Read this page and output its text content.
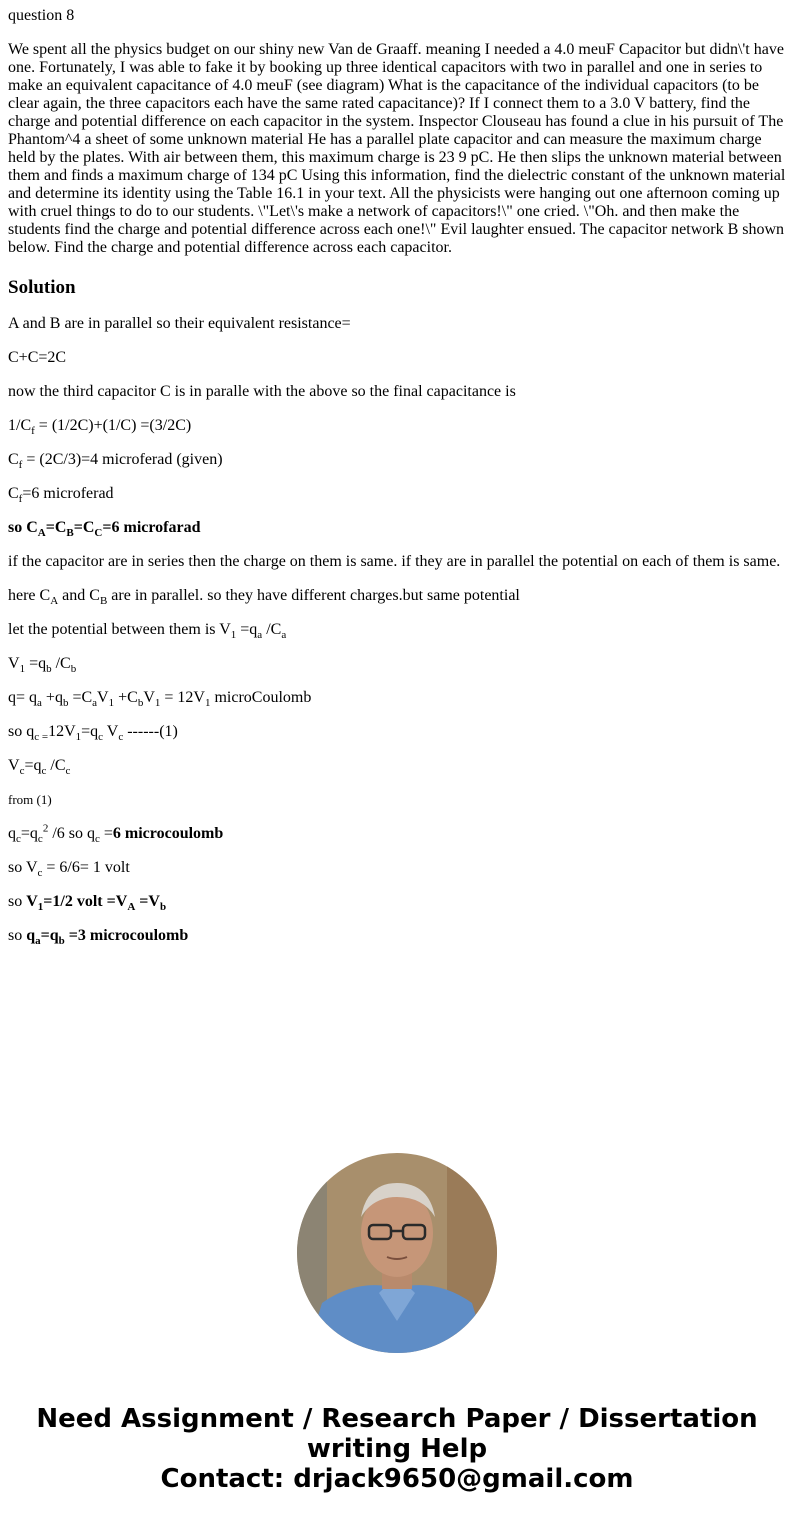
question 8
We spent all the physics budget on our shiny new Van de Graaff. meaning I needed a 4.0 meuF Capacitor but didn\'t have one. Fortunately, I was able to fake it by booking up three identical capacitors with two in parallel and one in series to make an equivalent capacitance of 4.0 meuF (see diagram) What is the capacitance of the individual capacitors (to be clear again, the three capacitors each have the same rated capacitance)? If I connect them to a 3.0 V battery, find the charge and potential difference on each capacitor in the system. Inspector Clouseau has found a clue in his pursuit of The Phantom^4 a sheet of some unknown material He has a parallel plate capacitor and can measure the maximum charge held by the plates. With air between them, this maximum charge is 23 9 pC. He then slips the unknown material between them and finds a maximum charge of 134 pC Using this information, find the dielectric constant of the unknown material and determine its identity using the Table 16.1 in your text. All the physicists were hanging out one afternoon coming up with cruel things to do to our students. \"Let\'s make a network of capacitors!\" one cried. \"Oh. and then make the students find the charge and potential difference across each one!\" Evil laughter ensued. The capacitor network B shown below. Find the charge and potential difference across each capacitor.
Solution
A and B are in parallel so their equivalent resistance=
C+C=2C
now the third capacitor C is in paralle with the above so the final capacitance is
$1/C_f = (1/2C)+(1/C) =(3/2C)$
$C_f = (2C/3)=4$ microferad (given)
$C_f=6$ microferad
so $C_A=C_B=C_C=6$ microfarad
if the capacitor are in series then the charge on them is same. if they are in parallel the potential on each of them is same.
here $C_A$ and $C_B$ are in parallel. so they have different charges.but same potential
let the potential between them is $V_1 =q_a$ $/C_a$
$V_1 =q_b$ $/C_b$
$q= q_a +q_b =C_aV_1 +C_bV_1 = 12V_1$ microCoulomb
so $q_{c =}12V_1=q_c$ $V_c$ ------(1)
$V_c=q_c$ $/C_c$
from (1)
$q_c=q_c^2$ /6 so $q_c =6$ microcoulomb
so $V_c = 6/6= 1$ volt
so $V_1=1/2$ volt $=V_A =V_b$
so $q_a=q_b =3$ microcoulomb
Need Assignment / Research Paper / Dissertation
writing Help
Contact: drjack9650@gmail.com
